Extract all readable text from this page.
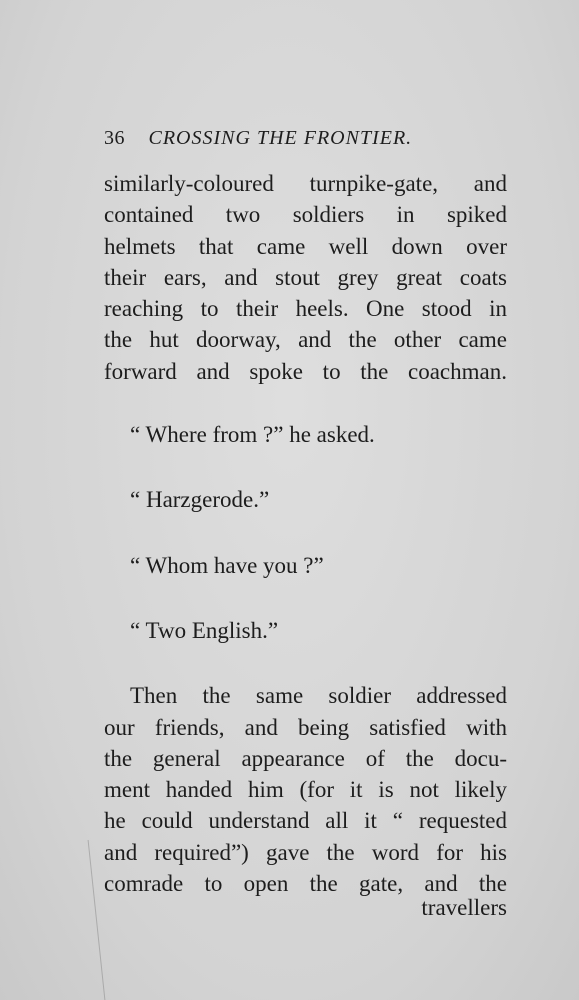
36 CROSSING THE FRONTIER.
similarly-coloured turnpike-gate, and
contained two soldiers in spiked
helmets that came well down over
their ears, and stout grey great coats
reaching to their heels. One stood in
the hut doorway, and the other came
forward and spoke to the coachman.

“ Where from ?” he asked.

“ Harzgerode.”

“ Whom have you ?”

“ Two English.”

Then the same soldier addressed
our friends, and being satisfied with
the general appearance of the docu-
ment handed him (for it is not likely
he could understand all it “ requested
and required”) gave the word for his
comrade to open the gate, and the
travellers
